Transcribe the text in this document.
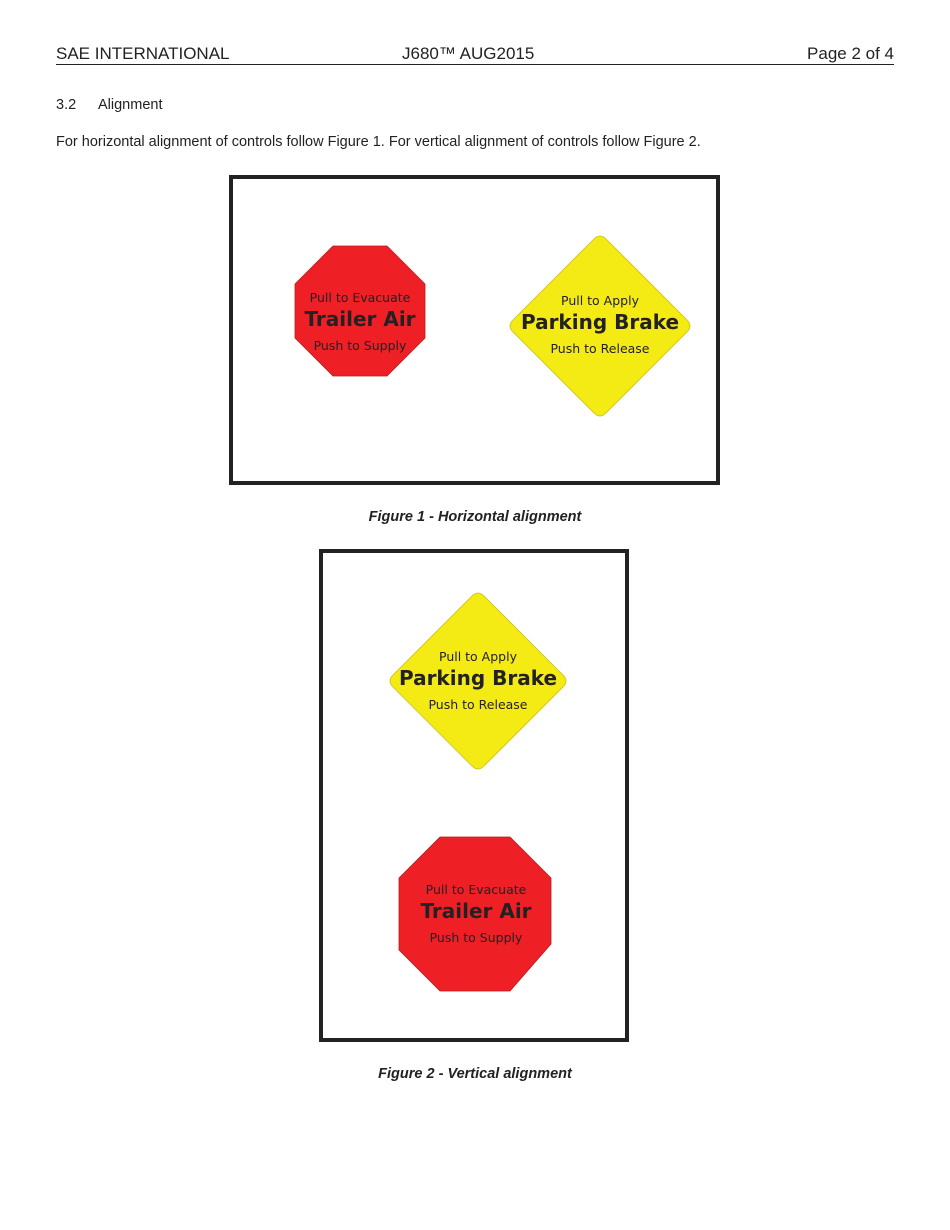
SAE INTERNATIONAL	J680™ AUG2015	Page 2 of 4
3.2 Alignment
For horizontal alignment of controls follow Figure 1. For vertical alignment of controls follow Figure 2.
Pull to Evacuate
Trailer Air
Push to Supply
Pull to Apply
Parking Brake
Push to Release
Figure 1 - Horizontal alignment
Pull to Apply
Parking Brake
Push to Release
Pull to Evacuate
Trailer Air
Push to Supply
Figure 2 - Vertical alignment
